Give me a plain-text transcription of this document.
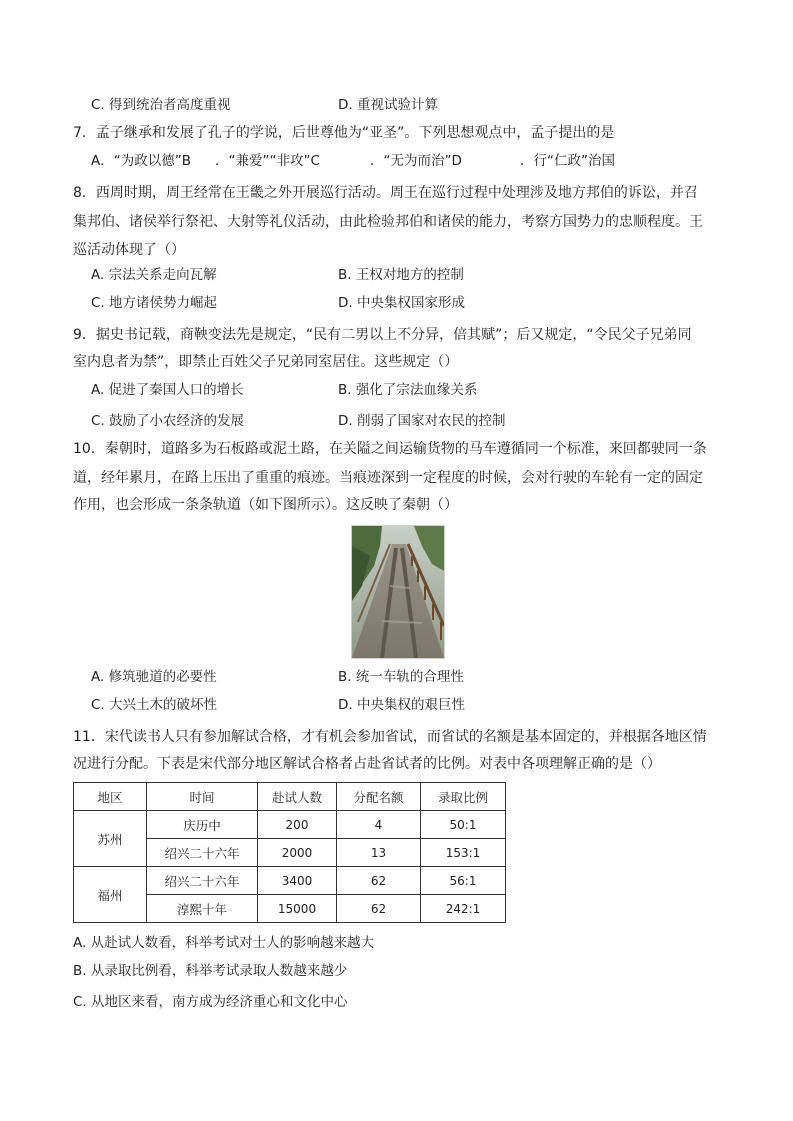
C. 得到统治者高度重视	D. 重视试验计算
7．孟子继承和发展了孔子的学说，后世尊他为“亚圣”。下列思想观点中，孟子提出的是
A．“为政以德”B ．“兼爱”“非攻”C	．“无为而治”D	．行“仁政”治国
8．西周时期，周王经常在王畿之外开展巡行活动。周王在巡行过程中处理涉及地方邦伯的诉讼，并召
集邦伯、诸侯举行祭祀、大射等礼仪活动，由此检验邦伯和诸侯的能力，考察方国势力的忠顺程度。王
巡活动体现了（）
A. 宗法关系走向瓦解	B. 王权对地方的控制
C. 地方诸侯势力崛起	D. 中央集权国家形成
9．据史书记载，商鞅变法先是规定，“民有二男以上不分异，倍其赋”；后又规定，“令民父子兄弟同
室内息者为禁”，即禁止百姓父子兄弟同室居住。这些规定（）
A. 促进了秦国人口的增长	B. 强化了宗法血缘关系
C. 鼓励了小农经济的发展	D. 削弱了国家对农民的控制
10．秦朝时，道路多为石板路或泥土路，在关隘之间运输货物的马车遵循同一个标准，来回都驶同一条
道，经年累月，在路上压出了重重的痕迹。当痕迹深到一定程度的时候，会对行驶的车轮有一定的固定
作用，也会形成一条条轨道（如下图所示）。这反映了秦朝（）
A. 修筑驰道的必要性	B. 统一车轨的合理性
C. 大兴土木的破坏性	D. 中央集权的艰巨性
11．宋代读书人只有参加解试合格，才有机会参加省试，而省试的名额是基本固定的，并根据各地区情
况进行分配。下表是宋代部分地区解试合格者占赴省试者的比例。对表中各项理解正确的是（）
地区	时间	赴试人数	分配名额	录取比例
苏州	庆历中	200	4	50:1
	绍兴二十六年	2000	13	153:1
福州	绍兴二十六年	3400	62	56:1
	淳熙十年	15000	62	242:1
A. 从赴试人数看，科举考试对士人的影响越来越大
B. 从录取比例看，科举考试录取人数越来越少
C. 从地区来看，南方成为经济重心和文化中心
